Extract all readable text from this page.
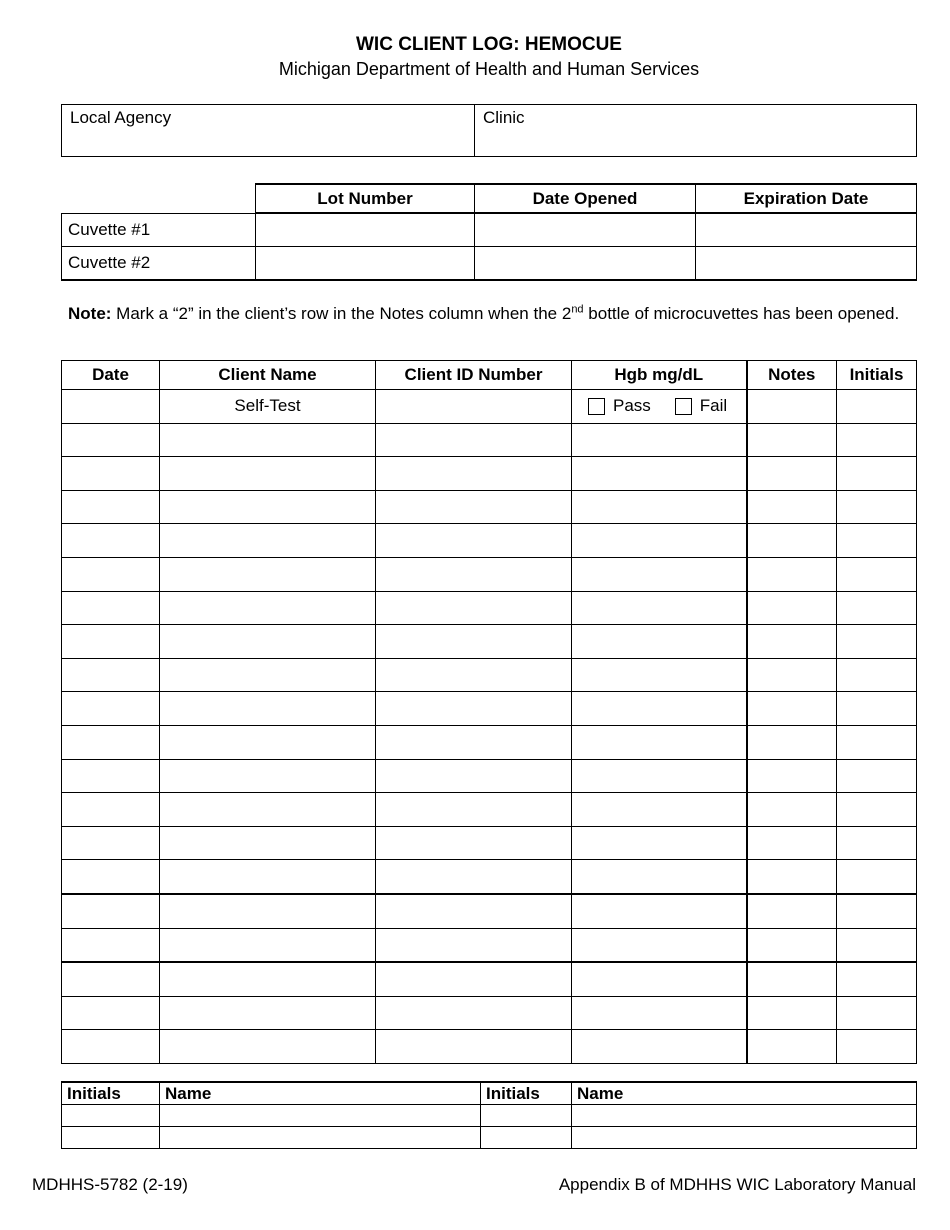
WIC CLIENT LOG: HEMOCUE
Michigan Department of Health and Human Services
Local Agency	Clinic
	Lot Number	Date Opened	Expiration Date
Cuvette #1			
Cuvette #2			
Note: Mark a “2” in the client’s row in the Notes column when the 2nd bottle of microcuvettes has been opened.
Date	Client Name	Client ID Number	Hgb mg/dL	Notes	Initials
	Self-Test		Pass Fail		

Initials	Name	Initials	Name

MDHHS-5782 (2-19)	Appendix B of MDHHS WIC Laboratory Manual
